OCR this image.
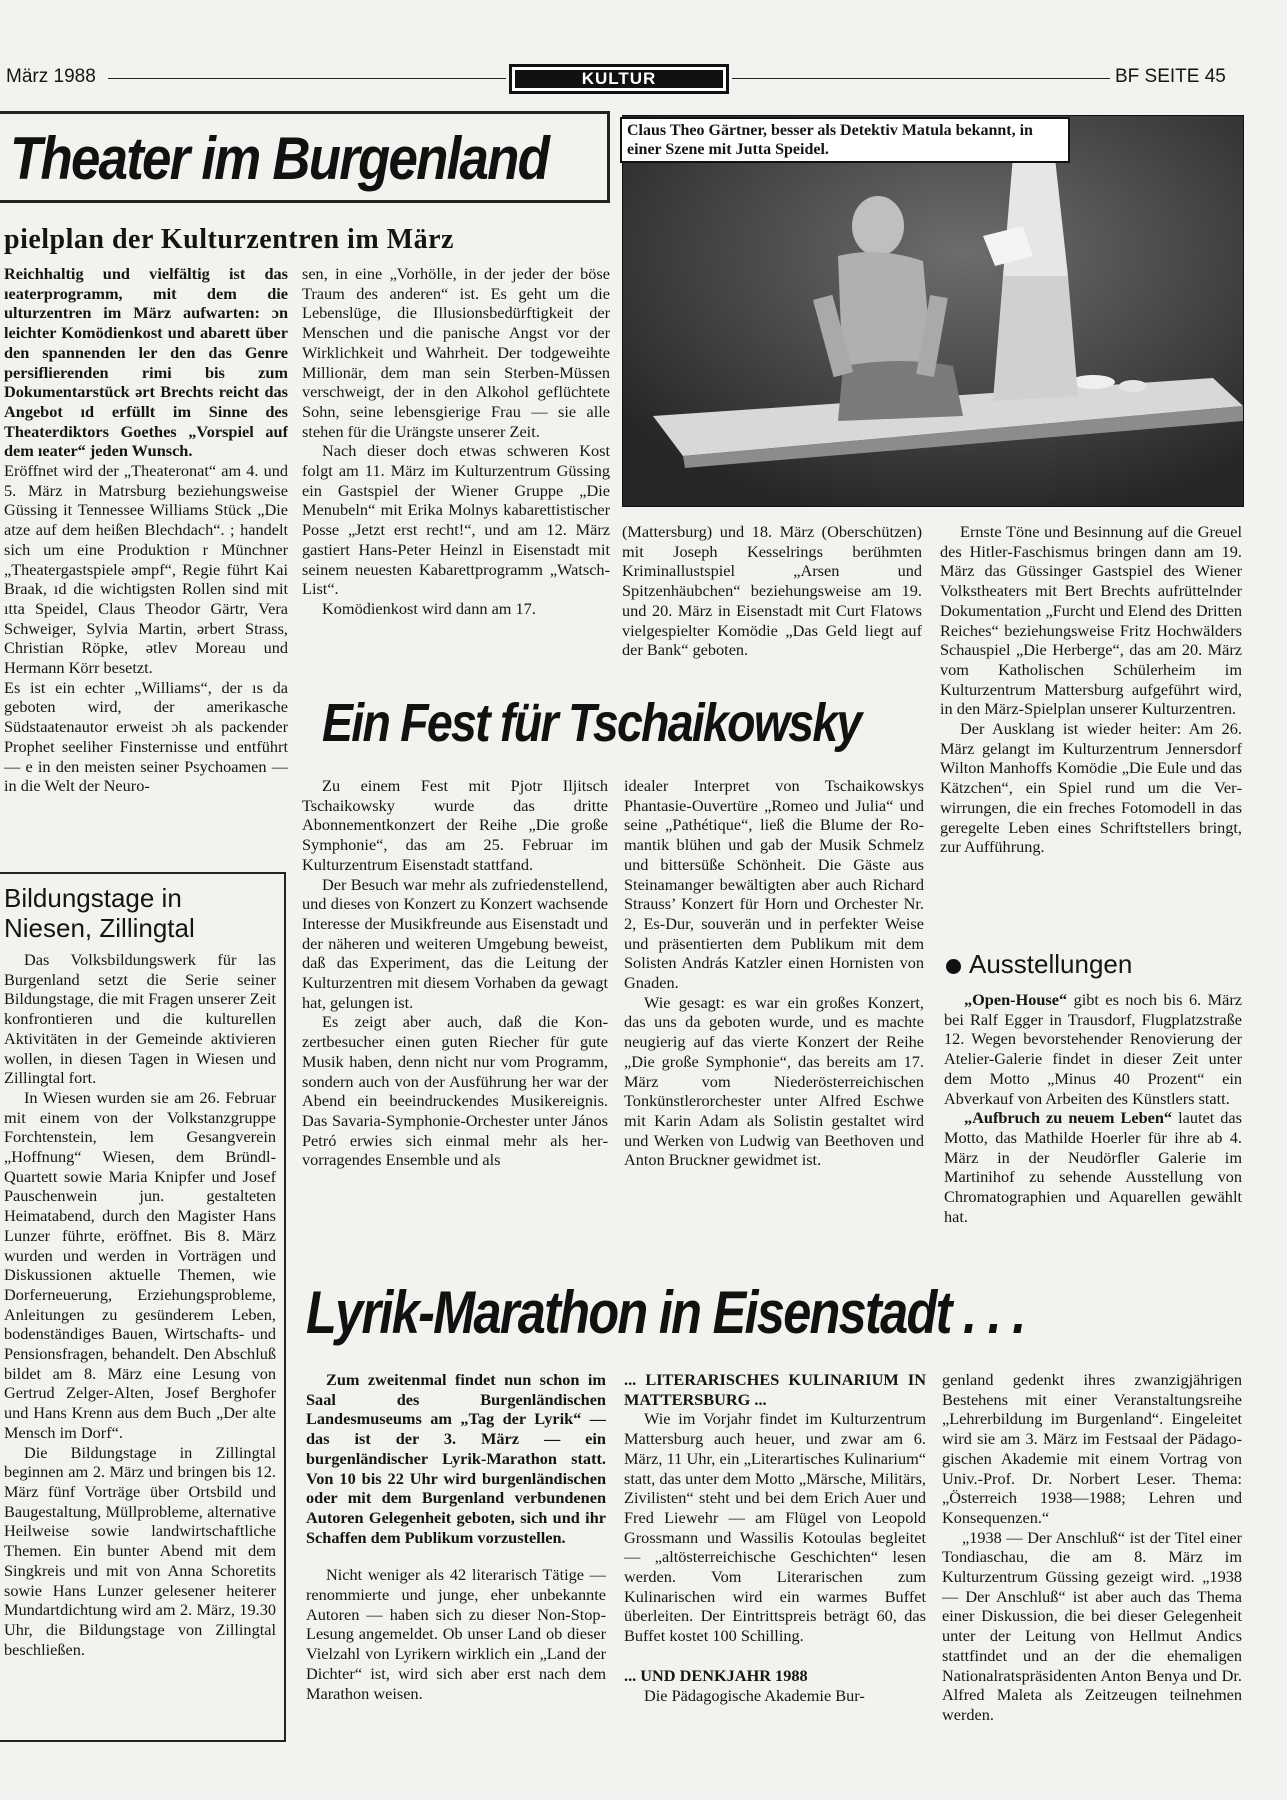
März 1988	KULTUR	BF SEITE 45
Theater im Burgenland
pielplan der Kulturzentren im März

Reichhaltig und vielfältig ist das ıeaterprogramm, mit dem die ulturzentren im März aufwarten: ɔn leichter Komödienkost und abarett über den spannenden ler den das Genre persiflierenden rimi bis zum Dokumentarstück ərt Brechts reicht das Angebot ıd erfüllt im Sinne des Theaterdiktors Goethes „Vorspiel auf dem ıeater“ jeden Wunsch.

Eröffnet wird der „Theateronat“ am 4. und 5. März in Matrsburg beziehungsweise Güssing it Tennessee Williams Stück „Die atze auf dem heißen Blechdach“. ; handelt sich um eine Produktion r Münchner „Theatergastspiele əmpf“, Regie führt Kai Braak, ıd die wichtigsten Rollen sind mit ıtta Speidel, Claus Theodor Gärtr, Vera Schweiger, Sylvia Martin, ərbert Strass, Christian Röpke, ətlev Moreau und Hermann Körr besetzt.

Es ist ein echter „Williams“, der ıs da geboten wird, der amerikasche Südstaatenautor erweist ɔh als packender Prophet seeliher Finsternisse und entführt — e in den meisten seiner Psychoamen — in die Welt der Neuro-

sen, in eine „Vorhölle, in der jeder der böse Traum des anderen“ ist. Es geht um die Lebenslüge, die Illusionsbedürftigkeit der Menschen und die panische Angst vor der Wirklichkeit und Wahrheit. Der todgeweihte Millionär, dem man sein Sterben-Müssen verschweigt, der in den Alkohol geflüchtete Sohn, seine lebensgierige Frau — sie alle stehen für die Urängste unserer Zeit.

Nach dieser doch etwas schweren Kost folgt am 11. März im Kulturzentrum Güssing ein Gastspiel der Wiener Gruppe „Die Menubeln“ mit Erika Molnys kabarettistischer Posse „Jetzt erst recht!“, und am 12. März gastiert Hans-Peter Heinzl in Eisenstadt mit seinem neuesten Kabarettprogramm „Watsch-List“.

Komödienkost wird dann am 17.

Claus Theo Gärtner, besser als Detektiv Matula bekannt, in einer Szene mit Jutta Speidel.

(Mattersburg) und 18. März (Oberschützen) mit Joseph Kesselrings berühmten Kriminallustspiel „Arsen und Spitzenhäubchen“ beziehungsweise am 19. und 20. März in Eisenstadt mit Curt Flatows vielgespielter Komödie „Das Geld liegt auf der Bank“ geboten.

Ernste Töne und Besinnung auf die Greuel des Hitler-Faschismus bringen dann am 19. März das Güssinger Gastspiel des Wiener Volkstheaters mit Bert Brechts aufrüttelnder Dokumentation „Furcht und Elend des Dritten Reiches“ beziehungsweise Fritz Hochwälders Schauspiel „Die Herberge“, das am 20. März vom Katholischen Schülerheim im Kulturzentrum Mattersburg aufgeführt wird, in den März-Spielplan unserer Kulturzentren.

Der Ausklang ist wieder heiter: Am 26. März gelangt im Kulturzentrum Jennersdorf Wilton Manhoffs Komödie „Die Eule und das Kätzchen“, ein Spiel rund um die Verwirrungen, die ein freches Fotomodell in das geregelte Leben eines Schriftstellers bringt, zur Aufführung.

Ein Fest für Tschaikowsky

Zu einem Fest mit Pjotr Iljitsch Tschaikowsky wurde das dritte Abonnementkonzert der Reihe „Die große Symphonie“, das am 25. Februar im Kulturzentrum Eisenstadt stattfand.

Der Besuch war mehr als zufriedenstellend, und dieses von Konzert zu Konzert wachsende Interesse der Musikfreunde aus Eisenstadt und der näheren und weiteren Umgebung beweist, daß das Experiment, das die Leitung der Kulturzentren mit diesem Vorhaben da gewagt hat, gelungen ist.

Es zeigt aber auch, daß die Konzertbesucher einen guten Riecher für gute Musik haben, denn nicht nur vom Programm, sondern auch von der Ausführung her war der Abend ein beeindruckendes Musikereignis. Das Savaria-Symphonie-Orchester unter János Petró erwies sich einmal mehr als hervorragendes Ensemble und als

idealer Interpret von Tschaikowskys Phantasie-Ouvertüre „Romeo und Julia“ und seine „Pathétique“, ließ die Blume der Romantik blühen und gab der Musik Schmelz und bittersüße Schönheit. Die Gäste aus Steinamanger bewältigten aber auch Richard Strauss’ Konzert für Horn und Orchester Nr. 2, Es-Dur, souverän und in perfekter Weise und präsentierten dem Publikum mit dem Solisten András Katzler einen Hornisten von Gnaden.

Wie gesagt: es war ein großes Konzert, das uns da geboten wurde, und es machte neugierig auf das vierte Konzert der Reihe „Die große Symphonie“, das bereits am 17. März vom Niederösterreichischen Tonkünstlerorchester unter Alfred Eschwe mit Karin Adam als Solistin gestaltet wird und Werken von Ludwig van Beethoven und Anton Bruckner gewidmet ist.

Bildungstage in
Niesen, Zillingtal

Das Volksbildungswerk für las Burgenland setzt die Serie seiner Bildungstage, die mit Fragen unserer Zeit konfrontieren und die kulturellen Aktivitäten in der Gemeinde aktivieren wollen, in diesen Tagen in Wiesen und Zillingtal fort.

In Wiesen wurden sie am 26. Februar mit einem von der Volkstanzgruppe Forchtenstein, lem Gesangverein „Hoffnung“ Wiesen, dem Bründl-Quartett sowie Maria Knipfer und Josef Pauschenwein jun. gestalteten Heimatabend, durch den Magister Hans Lunzer führte, eröffnet. Bis 8. März wurden und werden in Vorträgen und Diskussionen aktuelle Themen, wie Dorferneuerung, Erziehungsprobleme, Anleitungen zu gesünderem Leben, bodenständiges Bauen, Wirtschafts- und Pensionsfragen, behandelt. Den Abschluß bildet am 8. März eine Lesung von Gertrud Zelger-Alten, Josef Berghofer und Hans Krenn aus dem Buch „Der alte Mensch im Dorf“.

Die Bildungstage in Zillingtal beginnen am 2. März und bringen bis 12. März fünf Vorträge über Ortsbild und Baugestaltung, Müllprobleme, alternative Heilweise sowie landwirtschaftliche Themen. Ein bunter Abend mit dem Singkreis und mit von Anna Schoretits sowie Hans Lunzer gelesener heiterer Mundartdichtung wird am 2. März, 19.30 Uhr, die Bildungstage von Zillingtal beschließen.

Ausstellungen

„Open-House“ gibt es noch bis 6. März bei Ralf Egger in Trausdorf, Flugplatzstraße 12. Wegen bevorstehender Renovierung der Atelier-Galerie findet in dieser Zeit unter dem Motto „Minus 40 Prozent“ ein Abverkauf von Arbeiten des Künstlers statt.

„Aufbruch zu neuem Leben“ lautet das Motto, das Mathilde Hoerler für ihre ab 4. März in der Neudörfler Galerie im Martinihof zu sehende Ausstellung von Chromatographien und Aquarellen gewählt hat.

Lyrik-Marathon in Eisenstadt . . .

Zum zweitenmal findet nun schon im Saal des Burgenländischen Landesmuseums am „Tag der Lyrik“ — das ist der 3. März — ein burgenländischer Lyrik-Marathon statt. Von 10 bis 22 Uhr wird burgenländischen oder mit dem Burgenland verbundenen Autoren Gelegenheit geboten, sich und ihr Schaffen dem Publikum vorzustellen.

Nicht weniger als 42 literarisch Tätige — renommierte und junge, eher unbekannte Autoren — haben sich zu dieser Non-Stop-Lesung angemeldet. Ob unser Land ob dieser Vielzahl von Lyrikern wirklich ein „Land der Dichter“ ist, wird sich aber erst nach dem Marathon weisen.

... LITERARISCHES KULINARIUM IN MATTERSBURG ...

Wie im Vorjahr findet im Kulturzentrum Mattersburg auch heuer, und zwar am 6. März, 11 Uhr, ein „Literartisches Kulinarium“ statt, das unter dem Motto „Märsche, Militärs, Zivilisten“ steht und bei dem Erich Auer und Fred Liewehr — am Flügel von Leopold Grossmann und Wassilis Kotoulas begleitet — „altösterreichische Geschichten“ lesen werden. Vom Literarischen zum Kulinarischen wird ein warmes Buffet überleiten. Der Eintrittspreis beträgt 60, das Buffet kostet 100 Schilling.

... UND DENKJAHR 1988

Die Pädagogische Akademie Bur-

genland gedenkt ihres zwanzigjährigen Bestehens mit einer Veranstaltungsreihe „Lehrerbildung im Burgenland“. Eingeleitet wird sie am 3. März im Festsaal der Pädagogischen Akademie mit einem Vortrag von Univ.-Prof. Dr. Norbert Leser. Thema: „Österreich 1938—1988; Lehren und Konsequenzen.“

„1938 — Der Anschluß“ ist der Titel einer Tondiaschau, die am 8. März im Kulturzentrum Güssing gezeigt wird. „1938 — Der Anschluß“ ist aber auch das Thema einer Diskussion, die bei dieser Gelegenheit unter der Leitung von Hellmut Andics stattfindet und an der die ehemaligen Nationalratspräsidenten Anton Benya und Dr. Alfred Maleta als Zeitzeugen teilnehmen werden.
